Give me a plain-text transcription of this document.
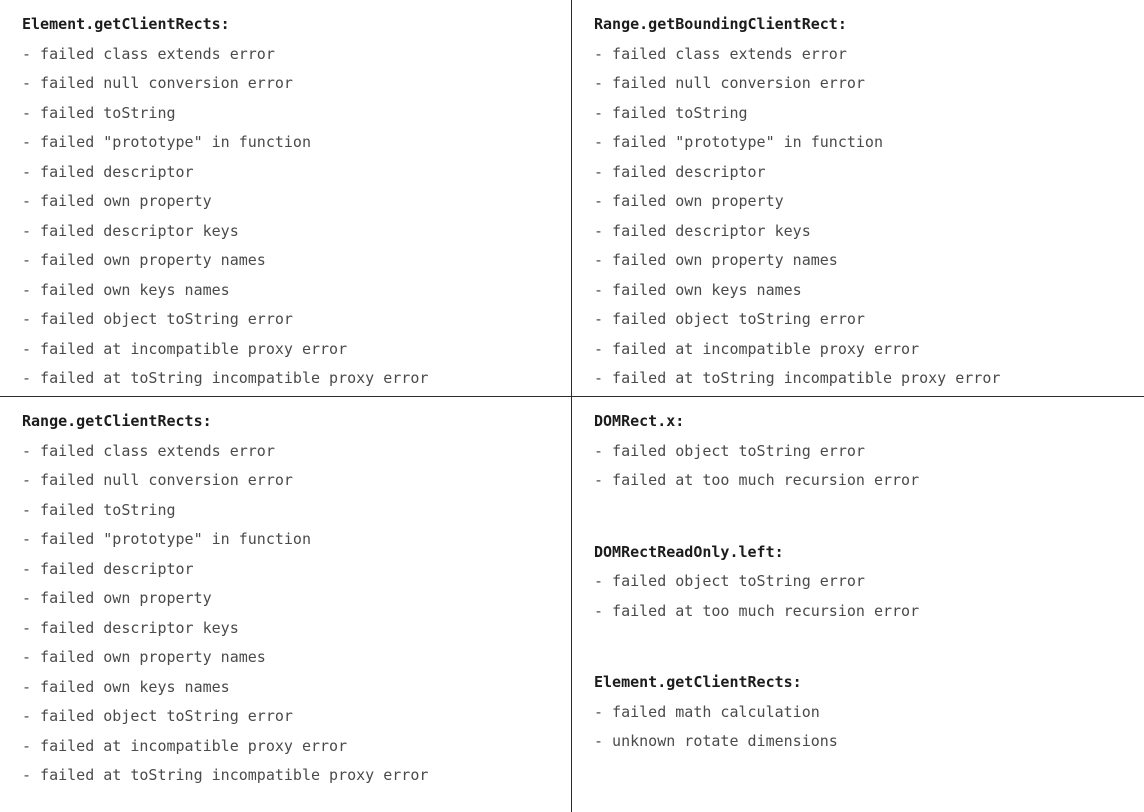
Element.getClientRects:
- failed class extends error
- failed null conversion error
- failed toString
- failed "prototype" in function
- failed descriptor
- failed own property
- failed descriptor keys
- failed own property names
- failed own keys names
- failed object toString error
- failed at incompatible proxy error
- failed at toString incompatible proxy error
Range.getBoundingClientRect:
- failed class extends error
- failed null conversion error
- failed toString
- failed "prototype" in function
- failed descriptor
- failed own property
- failed descriptor keys
- failed own property names
- failed own keys names
- failed object toString error
- failed at incompatible proxy error
- failed at toString incompatible proxy error
Range.getClientRects:
- failed class extends error
- failed null conversion error
- failed toString
- failed "prototype" in function
- failed descriptor
- failed own property
- failed descriptor keys
- failed own property names
- failed own keys names
- failed object toString error
- failed at incompatible proxy error
- failed at toString incompatible proxy error
DOMRect.x:
- failed object toString error
- failed at too much recursion error
DOMRectReadOnly.left:
- failed object toString error
- failed at too much recursion error
Element.getClientRects:
- failed math calculation
- unknown rotate dimensions
